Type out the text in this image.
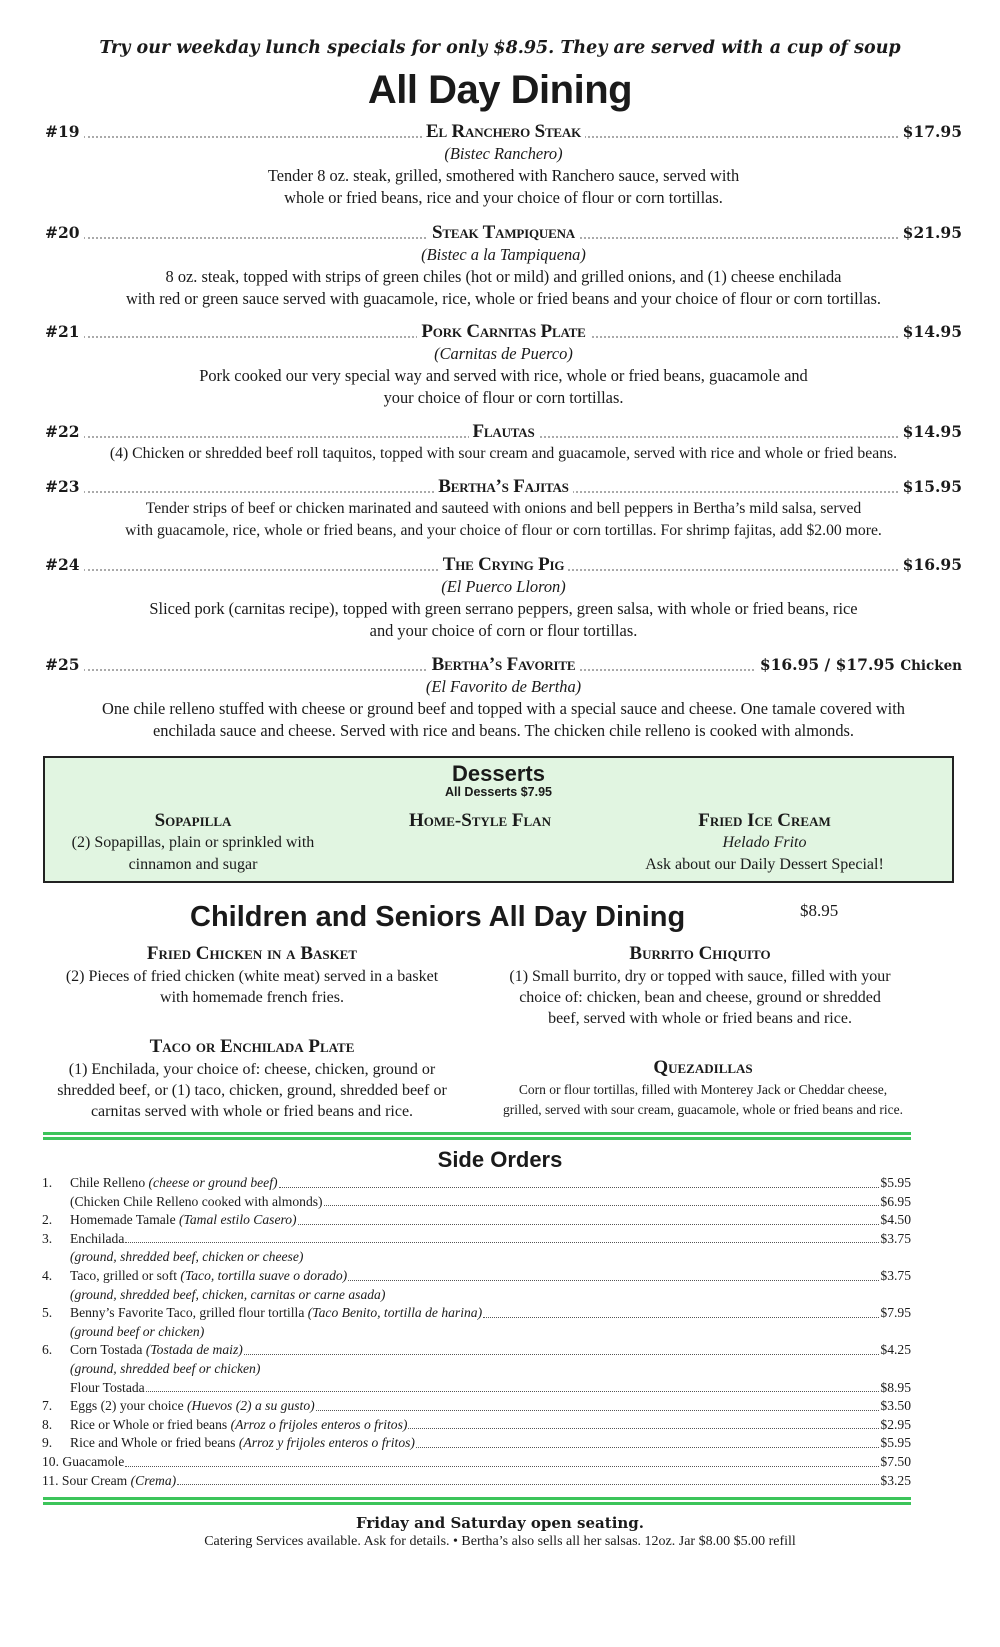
Try our weekday lunch specials for only $8.95. They are served with a cup of soup
All Day Dining
#19	El Ranchero Steak	$17.95
(Bistec Ranchero)
Tender 8 oz. steak, grilled, smothered with Ranchero sauce, served with
whole or fried beans, rice and your choice of flour or corn tortillas.
#20	Steak Tampiquena	$21.95
(Bistec a la Tampiquena)
8 oz. steak, topped with strips of green chiles (hot or mild) and grilled onions, and (1) cheese enchilada
with red or green sauce served with guacamole, rice, whole or fried beans and your choice of flour or corn tortillas.
#21	Pork Carnitas Plate	$14.95
(Carnitas de Puerco)
Pork cooked our very special way and served with rice, whole or fried beans, guacamole and
your choice of flour or corn tortillas.
#22	Flautas	$14.95
(4) Chicken or shredded beef roll taquitos, topped with sour cream and guacamole, served with rice and whole or fried beans.
#23	Bertha’s Fajitas	$15.95
Tender strips of beef or chicken marinated and sauteed with onions and bell peppers in Bertha’s mild salsa, served
with guacamole, rice, whole or fried beans, and your choice of flour or corn tortillas. For shrimp fajitas, add $2.00 more.
#24	The Crying Pig	$16.95
(El Puerco Lloron)
Sliced pork (carnitas recipe), topped with green serrano peppers, green salsa, with whole or fried beans, rice
and your choice of corn or flour tortillas.
#25	Bertha’s Favorite	$16.95 / $17.95 Chicken
(El Favorito de Bertha)
One chile relleno stuffed with cheese or ground beef and topped with a special sauce and cheese. One tamale covered with
enchilada sauce and cheese. Served with rice and beans. The chicken chile relleno is cooked with almonds.
Desserts
All Desserts $7.95
Sopapilla
(2) Sopapillas, plain or sprinkled with
cinnamon and sugar
Home-Style Flan	Fried Ice Cream
Helado Frito
Ask about our Daily Dessert Special!
Children and Seniors All Day Dining	$8.95
Fried Chicken in a Basket
(2) Pieces of fried chicken (white meat) served in a basket
with homemade french fries.
Burrito Chiquito
(1) Small burrito, dry or topped with sauce, filled with your
choice of: chicken, bean and cheese, ground or shredded
beef, served with whole or fried beans and rice.
Taco or Enchilada Plate
(1) Enchilada, your choice of: cheese, chicken, ground or
shredded beef, or (1) taco, chicken, ground, shredded beef or
carnitas served with whole or fried beans and rice.
Quezadillas
Corn or flour tortillas, filled with Monterey Jack or Cheddar cheese,
grilled, served with sour cream, guacamole, whole or fried beans and rice.
Side Orders
1. Chile Relleno (cheese or ground beef)	$5.95
(Chicken Chile Relleno cooked with almonds)	$6.95
2. Homemade Tamale (Tamal estilo Casero)	$4.50
3. Enchilada	$3.75
(ground, shredded beef, chicken or cheese)
4. Taco, grilled or soft (Taco, tortilla suave o dorado)	$3.75
(ground, shredded beef, chicken, carnitas or carne asada)
5. Benny’s Favorite Taco, grilled flour tortilla (Taco Benito, tortilla de harina)	$7.95
(ground beef or chicken)
6. Corn Tostada (Tostada de maiz)	$4.25
(ground, shredded beef or chicken)
Flour Tostada	$8.95
7. Eggs (2) your choice (Huevos (2) a su gusto)	$3.50
8. Rice or Whole or fried beans (Arroz o frijoles enteros o fritos)	$2.95
9. Rice and Whole or fried beans (Arroz y frijoles enteros o fritos)	$5.95
10. Guacamole	$7.50
11. Sour Cream (Crema)	$3.25
Friday and Saturday open seating.
Catering Services available. Ask for details. • Bertha’s also sells all her salsas. 12oz. Jar $8.00 $5.00 refill
